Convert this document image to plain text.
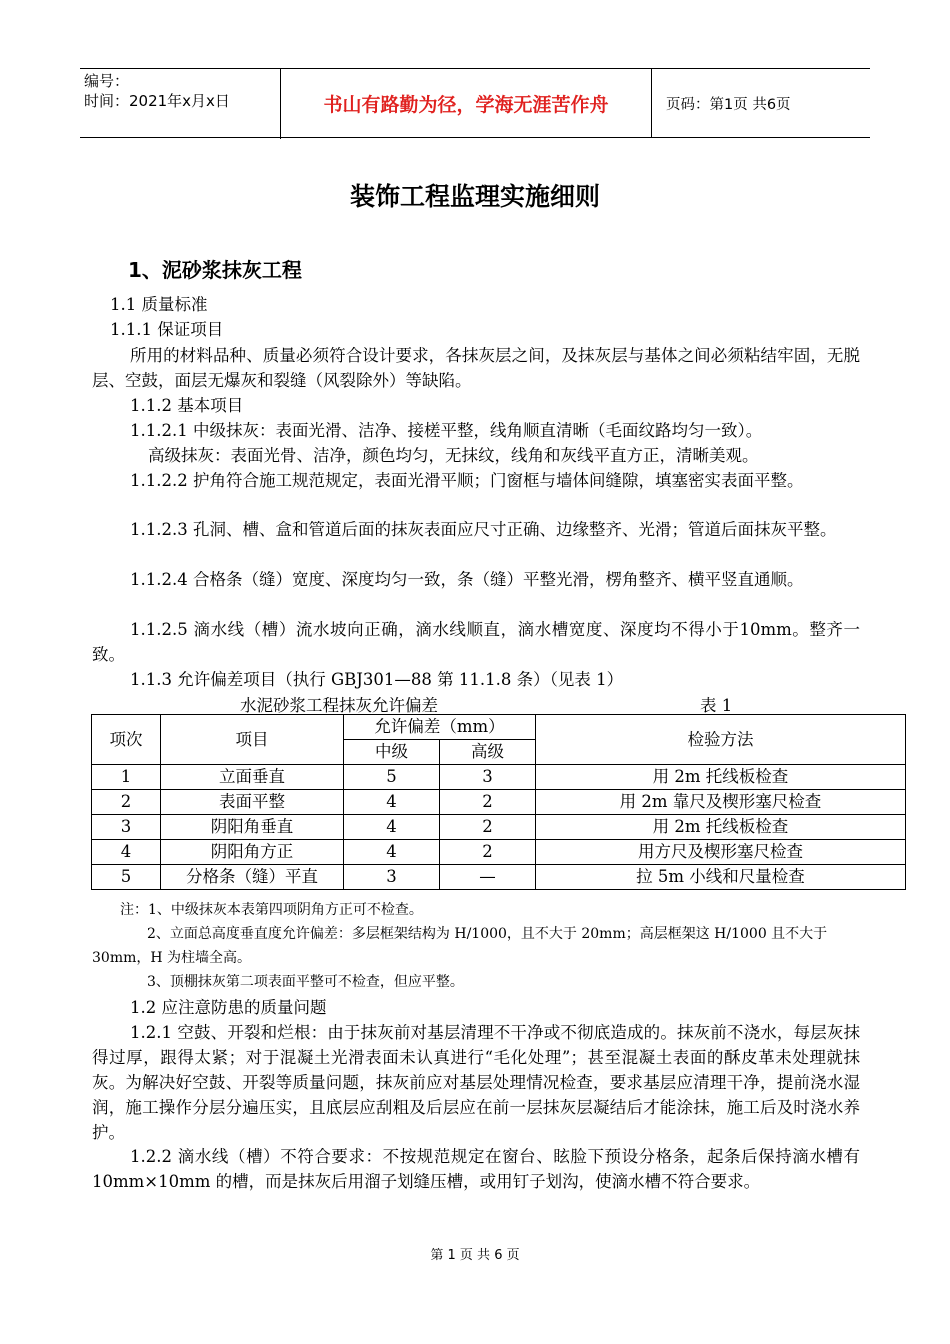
编号：
时间：2021年x月x日	书山有路勤为径，学海无涯苦作舟	页码：第1页 共6页
装饰工程监理实施细则
1、泥砂浆抹灰工程
1.1 质量标准
1.1.1 保证项目
所用的材料品种、质量必须符合设计要求，各抹灰层之间，及抹灰层与基体之间必须粘结牢固，无脱层、空鼓，面层无爆灰和裂缝（风裂除外）等缺陷。
1.1.2 基本项目
1.1.2.1 中级抹灰：表面光滑、洁净、接槎平整，线角顺直清晰（毛面纹路均匀一致）。
高级抹灰：表面光骨、洁净，颜色均匀，无抹纹，线角和灰线平直方正，清晰美观。
1.1.2.2 护角符合施工规范规定，表面光滑平顺；门窗框与墙体间缝隙，填塞密实表面平整。
1.1.2.3 孔洞、槽、盒和管道后面的抹灰表面应尺寸正确、边缘整齐、光滑；管道后面抹灰平整。
1.1.2.4 合格条（缝）宽度、深度均匀一致，条（缝）平整光滑，楞角整齐、横平竖直通顺。
1.1.2.5 滴水线（槽）流水坡向正确，滴水线顺直，滴水槽宽度、深度均不得小于10mm。整齐一致。
1.1.3 允许偏差项目（执行 GBJ301—88 第 11.1.8 条）（见表 1）
水泥砂浆工程抹灰允许偏差	表 1
项次	项目	允许偏差（mm）		检验方法
		中级	高级	
1	立面垂直	5	3	用 2m 托线板检查
2	表面平整	4	2	用 2m 靠尺及楔形塞尺检查
3	阴阳角垂直	4	2	用 2m 托线板检查
4	阴阳角方正	4	2	用方尺及楔形塞尺检查
5	分格条（缝）平直	3	—	拉 5m 小线和尺量检查
注：1、中级抹灰本表第四项阴角方正可不检查。
2、立面总高度垂直度允许偏差：多层框架结构为 H/1000，且不大于 20mm；高层框架这 H/1000 且不大于 30mm，H 为柱墙全高。
3、顶棚抹灰第二项表面平整可不检查，但应平整。
1.2 应注意防患的质量问题
1.2.1 空鼓、开裂和烂根：由于抹灰前对基层清理不干净或不彻底造成的。抹灰前不浇水，每层灰抹得过厚，跟得太紧；对于混凝土光滑表面未认真进行“毛化处理”；甚至混凝土表面的酥皮革未处理就抹灰。为解决好空鼓、开裂等质量问题，抹灰前应对基层处理情况检查，要求基层应清理干净，提前浇水湿润，施工操作分层分遍压实，且底层应刮粗及后层应在前一层抹灰层凝结后才能涂抹，施工后及时浇水养护。
1.2.2 滴水线（槽）不符合要求：不按规范规定在窗台、眩脸下预设分格条，起条后保持滴水槽有 10mm×10mm 的槽，而是抹灰后用溜子划缝压槽，或用钉子划沟，使滴水槽不符合要求。
第 1 页 共 6 页
